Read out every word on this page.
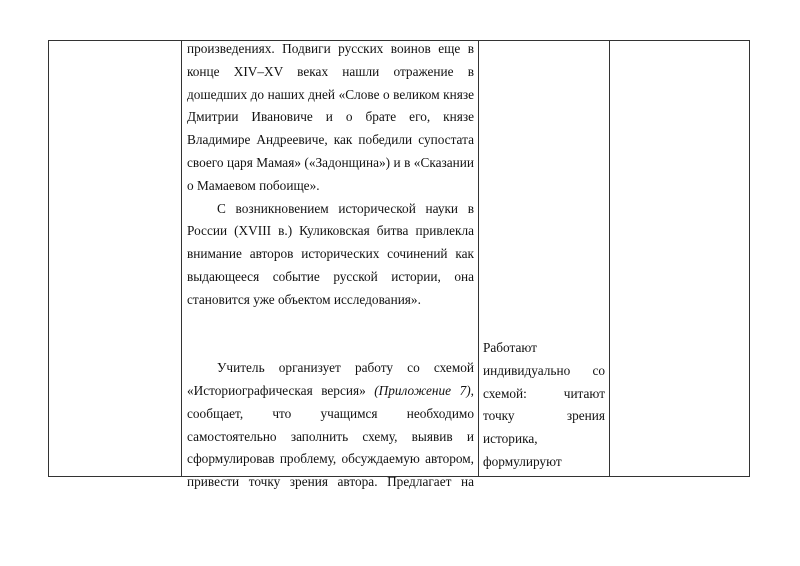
произведениях. Подвиги русских воинов еще в

конце XIV–XV веках нашли отражение в

дошедших до наших дней «Слове о великом князе

Дмитрии Ивановиче и о брате его, князе

Владимире Андреевиче, как победили супостата

своего царя Мамая» («Задонщина») и в «Сказании

о Мамаевом побоище».

С возникновением исторической науки в

России (XVIII в.) Куликовская битва привлекла

внимание авторов исторических сочинений как

выдающееся событие русской истории, она

становится уже объектом исследования».

Учитель организует работу со схемой

«Историографическая версия» (Приложение 7),

сообщает, что учащимся необходимо

самостоятельно заполнить схему, выявив и

сформулировав проблему, обсуждаемую автором,

привести точку зрения автора. Предлагает на

Работают

индивидуально со

схемой: читают

точку зрения

историка,

формулируют
